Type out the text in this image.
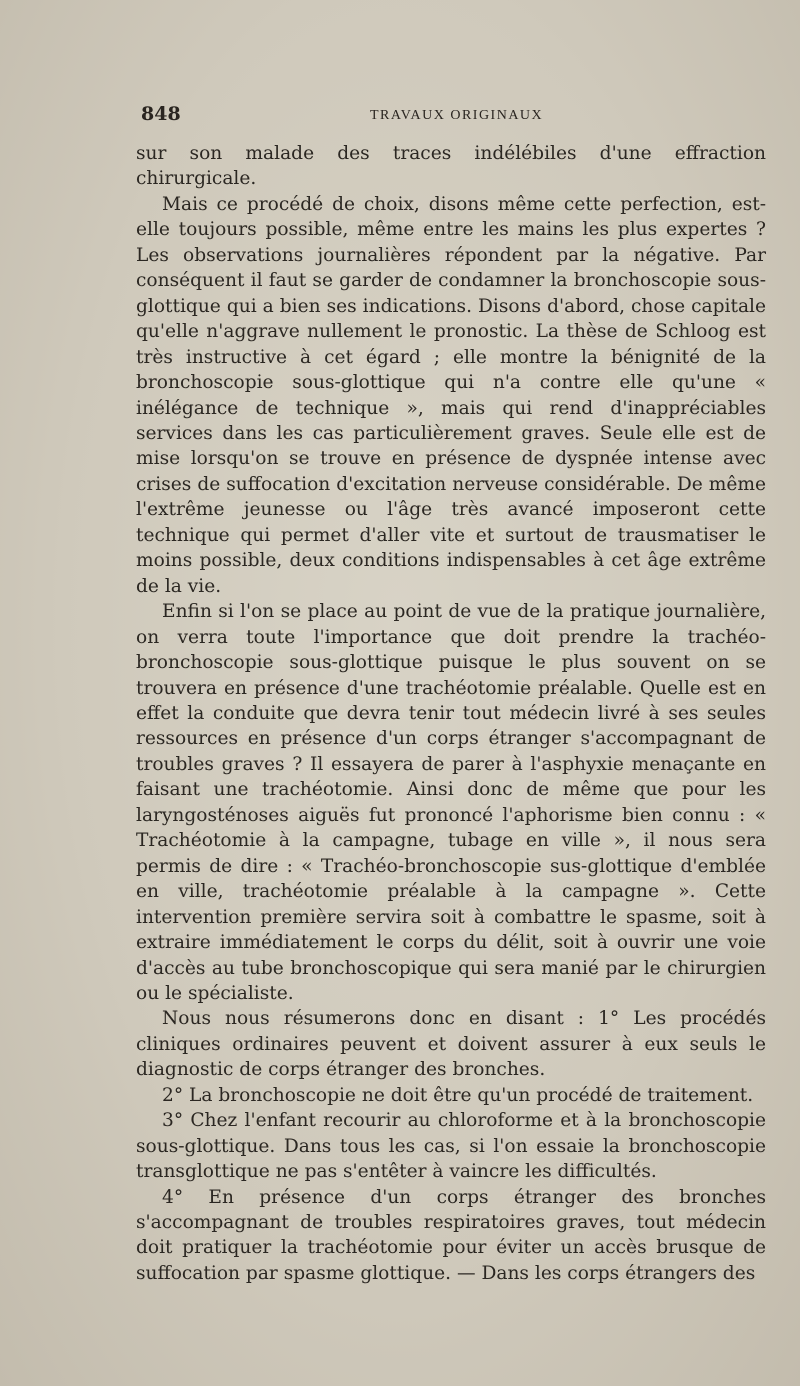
848	TRAVAUX ORIGINAUX

sur son malade des traces indélébiles d'une effraction chirurgicale.

Mais ce procédé de choix, disons même cette perfection, est-elle toujours possible, même entre les mains les plus expertes ? Les observations journalières répondent par la négative. Par conséquent il faut se garder de condamner la bronchoscopie sous-glottique qui a bien ses indications. Disons d'abord, chose capitale qu'elle n'aggrave nullement le pronostic. La thèse de Schloog est très instructive à cet égard ; elle montre la bénignité de la bronchoscopie sous-glottique qui n'a contre elle qu'une « inélégance de technique », mais qui rend d'inappréciables services dans les cas particulièrement graves. Seule elle est de mise lorsqu'on se trouve en présence de dyspnée intense avec crises de suffocation d'excitation nerveuse considérable. De même l'extrême jeunesse ou l'âge très avancé imposeront cette technique qui permet d'aller vite et surtout de trausmatiser le moins possible, deux conditions indispensables à cet âge extrême de la vie.

Enfin si l'on se place au point de vue de la pratique journalière, on verra toute l'importance que doit prendre la trachéo-bronchoscopie sous-glottique puisque le plus souvent on se trouvera en présence d'une trachéotomie préalable. Quelle est en effet la conduite que devra tenir tout médecin livré à ses seules ressources en présence d'un corps étranger s'accompagnant de troubles graves ? Il essayera de parer à l'asphyxie menaçante en faisant une trachéotomie. Ainsi donc de même que pour les laryngosténoses aiguës fut prononcé l'aphorisme bien connu : « Trachéotomie à la campagne, tubage en ville », il nous sera permis de dire : « Trachéo-bronchoscopie sus-glottique d'emblée en ville, trachéotomie préalable à la campagne ». Cette intervention première servira soit à combattre le spasme, soit à extraire immédiatement le corps du délit, soit à ouvrir une voie d'accès au tube bronchoscopique qui sera manié par le chirurgien ou le spécialiste.

Nous nous résumerons donc en disant : 1° Les procédés cliniques ordinaires peuvent et doivent assurer à eux seuls le diagnostic de corps étranger des bronches.

2° La bronchoscopie ne doit être qu'un procédé de traitement.

3° Chez l'enfant recourir au chloroforme et à la bronchoscopie sous-glottique. Dans tous les cas, si l'on essaie la bronchoscopie transglottique ne pas s'entêter à vaincre les difficultés.

4° En présence d'un corps étranger des bronches s'accompagnant de troubles respiratoires graves, tout médecin doit pratiquer la trachéotomie pour éviter un accès brusque de suffocation par spasme glottique. — Dans les corps étrangers des
